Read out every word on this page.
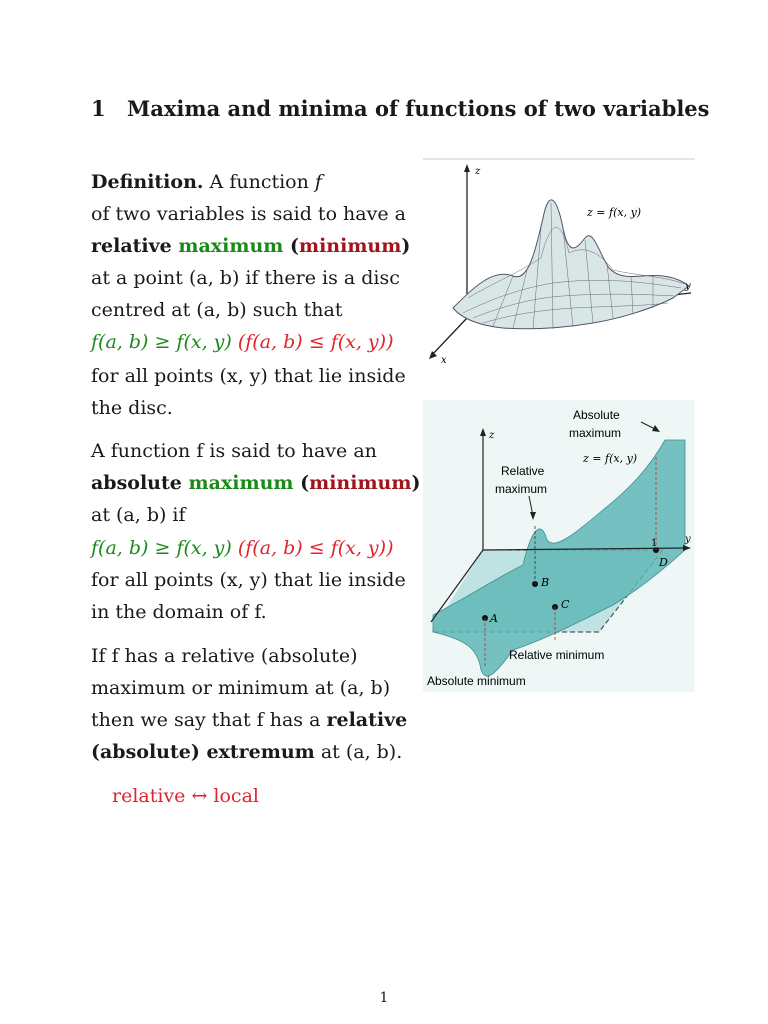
1 Maxima and minima of functions of two variables
Definition. A function f
of two variables is said to have a
relative maximum (minimum)
at a point (a, b) if there is a disc
centred at (a, b) such that
f(a, b) ≥ f(x, y) (f(a, b) ≤ f(x, y))
for all points (x, y) that lie inside
the disc.
A function f is said to have an
absolute maximum (minimum)
at (a, b) if
f(a, b) ≥ f(x, y) (f(a, b) ≤ f(x, y))
for all points (x, y) that lie inside
in the domain of f.
If f has a relative (absolute)
maximum or minimum at (a, b)
then we say that f has a relative
(absolute) extremum at (a, b).
relative ↔ local
z
y
x
z = f(x, y)
z
y
1
D
B
C
A
Absolute
maximum
z = f(x, y)
Relative
maximum
Relative minimum
Absolute minimum
1
